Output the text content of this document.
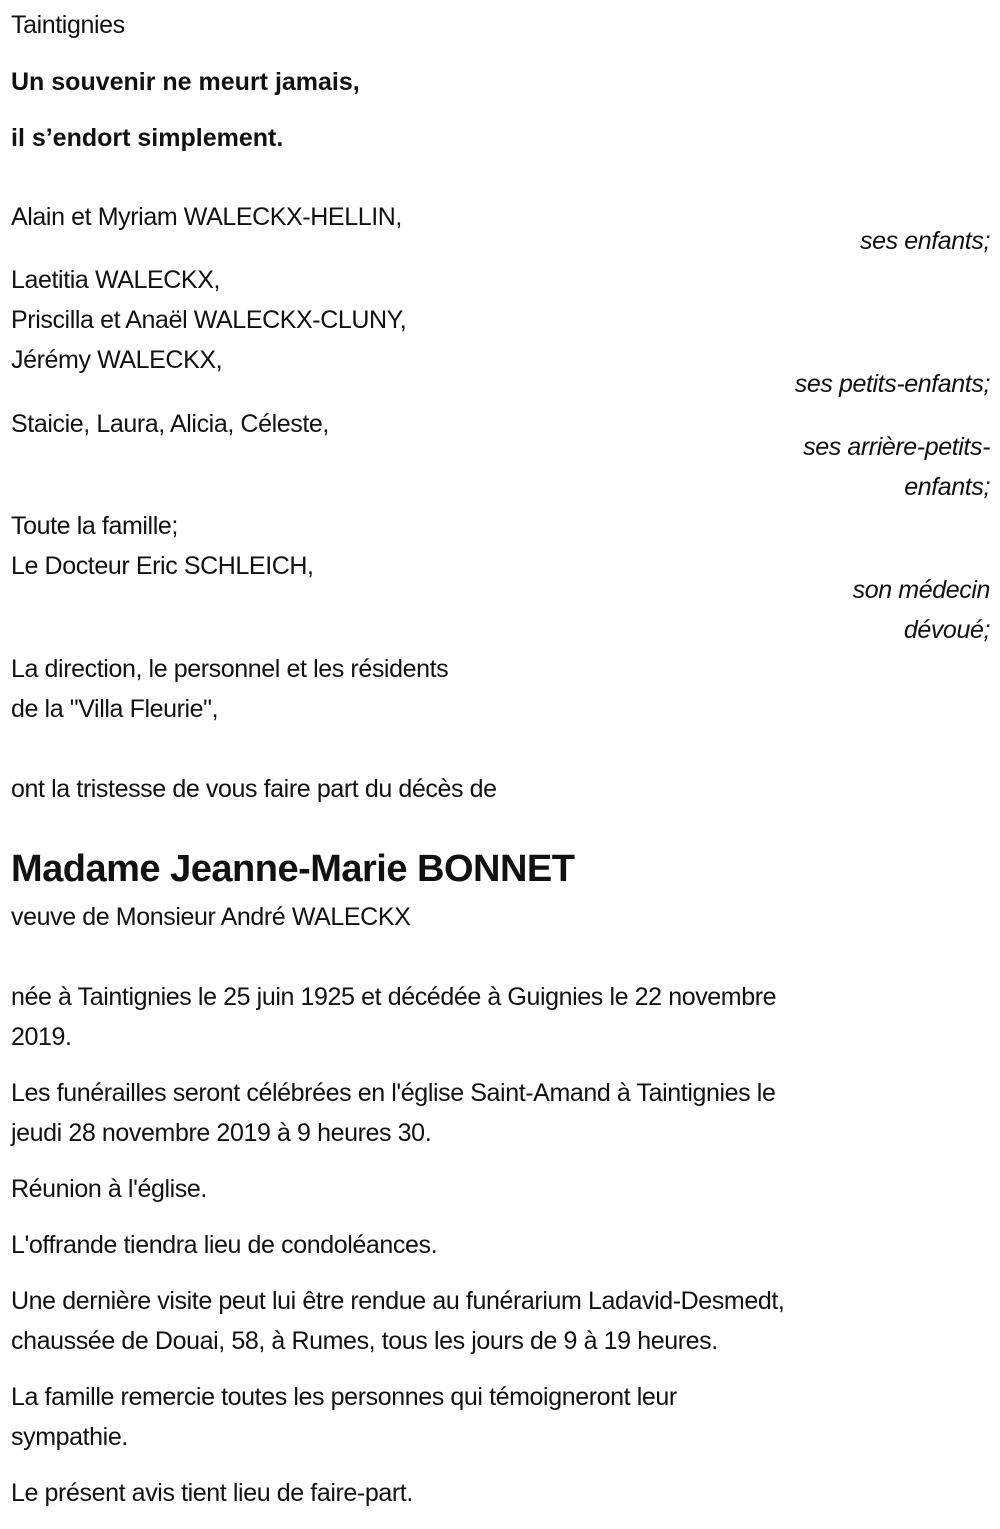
Taintignies
Un souvenir ne meurt jamais,
il s’endort simplement.
Alain et Myriam WALECKX-HELLIN,
ses enfants;
Laetitia WALECKX,
Priscilla et Anaël WALECKX-CLUNY,
Jérémy WALECKX,
ses petits-enfants;
Staicie, Laura, Alicia, Céleste,
ses arrière-petits-
enfants;
Toute la famille;
Le Docteur Eric SCHLEICH,
son médecin
dévoué;
La direction, le personnel et les résidents
de la "Villa Fleurie",
ont la tristesse de vous faire part du décès de
Madame Jeanne-Marie BONNET
veuve de Monsieur André WALECKX
née à Taintignies le 25 juin 1925 et décédée à Guignies le 22 novembre
2019.
Les funérailles seront célébrées en l'église Saint-Amand à Taintignies le
jeudi 28 novembre 2019 à 9 heures 30.
Réunion à l'église.
L'offrande tiendra lieu de condoléances.
Une dernière visite peut lui être rendue au funérarium Ladavid-Desmedt,
chaussée de Douai, 58, à Rumes, tous les jours de 9 à 19 heures.
La famille remercie toutes les personnes qui témoigneront leur
sympathie.
Le présent avis tient lieu de faire-part.
